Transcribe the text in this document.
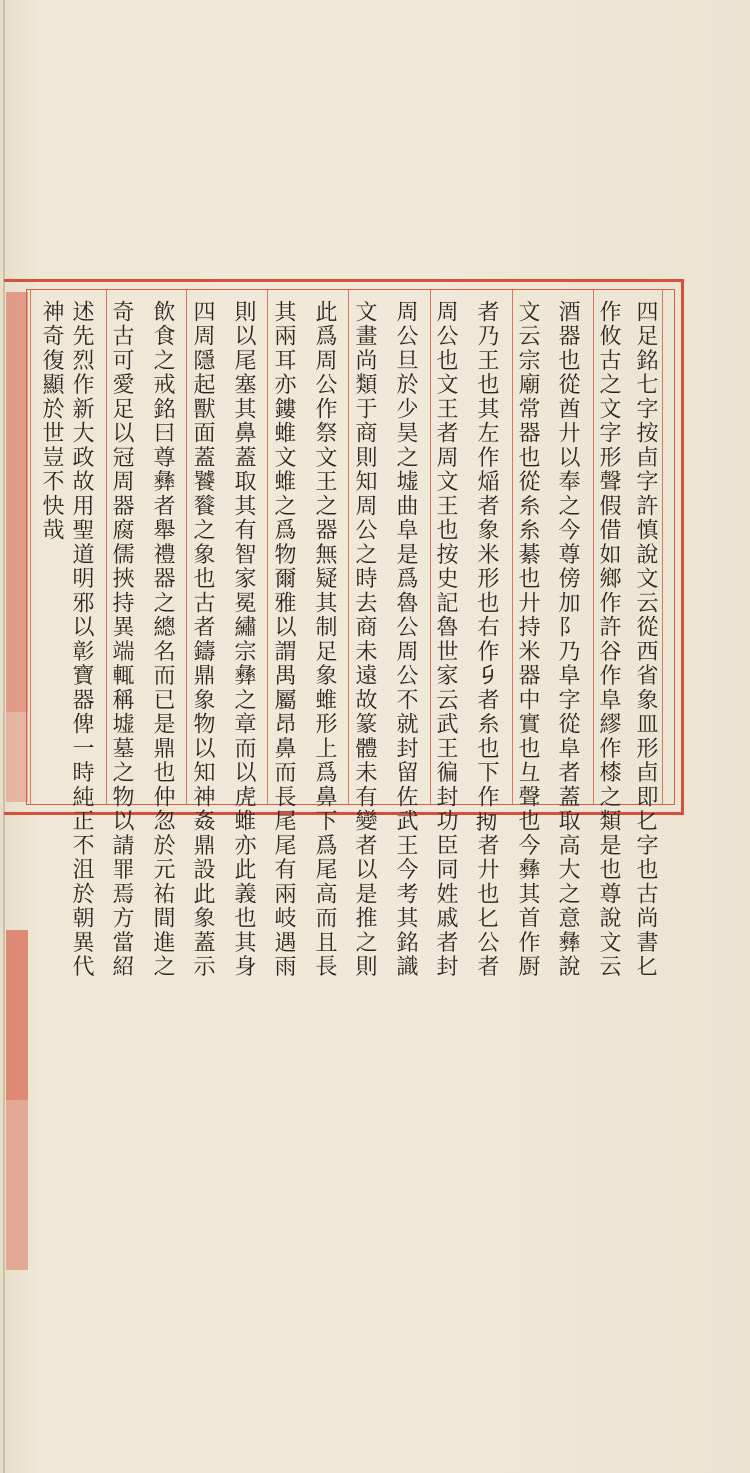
四足銘七字按卣字許慎說文云從西省象皿形卣即𠤎字也古尚書𠤎
作攸古之文字形聲假借如鄉作許谷作阜繆作㯃之類是也尊說文云
酒器也從酋廾以奉之今尊傍加阝乃阜字從阜者蓋取高大之意彝說
文云宗廟常器也從糸糸綦也廾持米器中實也彑聲也今彝其首作㕑
者乃王也其左作㷔者象米形也右作𠂎者糸也下作𢪃者廾也𠤎公者
周公也文王者周文王也按史記魯世家云武王徧封功臣同姓戚者封
周公旦於少昊之墟曲阜是爲魯公周公不就封留佐武王今考其銘識
文畫尚類于商則知周公之時去商未遠故篆體未有變者以是推之則
此爲周公作祭文王之器無疑其制足象蜼形上爲鼻下爲尾高而且長
其兩耳亦鏤蜼文蜼之爲物爾雅以謂禺屬昂鼻而長尾尾有兩岐遇雨
則以尾塞其鼻蓋取其有智家冕繡宗彝之章而以虎蜼亦此義也其身
四周隱起獸面蓋饕餮之象也古者鑄鼎象物以知神姦鼎設此象蓋示
飲食之戒銘曰尊彝者舉禮器之總名而已是鼎也仲忽於元祐間進之
奇古可愛足以冠周器腐儒挾持異端輒稱墟墓之物以請罪焉方當紹
述先烈作新大政故用聖道明邪以彰寶器俾一時純正不沮於朝異代
神奇復顯於世豈不快哉
